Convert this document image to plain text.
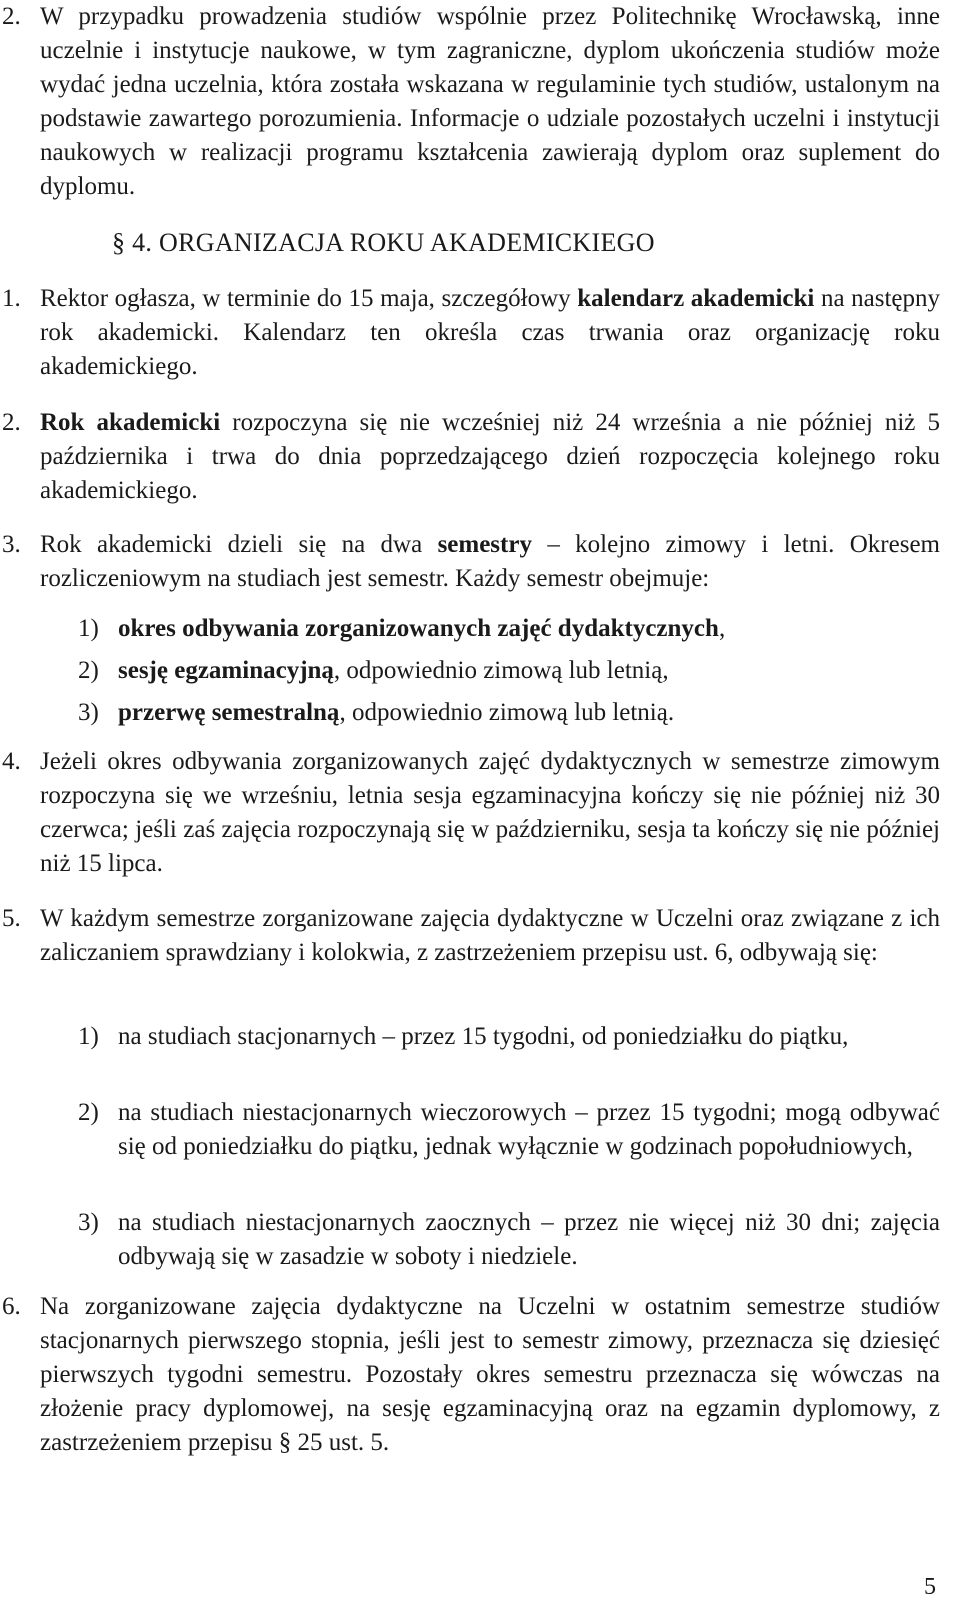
2. W przypadku prowadzenia studiów wspólnie przez Politechnikę Wrocławską, inne uczelnie i instytucje naukowe, w tym zagraniczne, dyplom ukończenia studiów może wydać jedna uczelnia, która została wskazana w regulaminie tych studiów, ustalonym na podstawie zawartego porozumienia. Informacje o udziale pozostałych uczelni i instytucji naukowych w realizacji programu kształcenia zawierają dyplom oraz suplement do dyplomu.
§ 4. ORGANIZACJA ROKU AKADEMICKIEGO
1. Rektor ogłasza, w terminie do 15 maja, szczegółowy kalendarz akademicki na następny rok akademicki. Kalendarz ten określa czas trwania oraz organizację roku akademickiego.
2. Rok akademicki rozpoczyna się nie wcześniej niż 24 września a nie później niż 5 października i trwa do dnia poprzedzającego dzień rozpoczęcia kolejnego roku akademickiego.
3. Rok akademicki dzieli się na dwa semestry – kolejno zimowy i letni. Okresem rozliczeniowym na studiach jest semestr. Każdy semestr obejmuje:
1) okres odbywania zorganizowanych zajęć dydaktycznych,
2) sesję egzaminacyjną, odpowiednio zimową lub letnią,
3) przerwę semestralną, odpowiednio zimową lub letnią.
4. Jeżeli okres odbywania zorganizowanych zajęć dydaktycznych w semestrze zimowym rozpoczyna się we wrześniu, letnia sesja egzaminacyjna kończy się nie później niż 30 czerwca; jeśli zaś zajęcia rozpoczynają się w październiku, sesja ta kończy się nie później niż 15 lipca.
5. W każdym semestrze zorganizowane zajęcia dydaktyczne w Uczelni oraz związane z ich zaliczaniem sprawdziany i kolokwia, z zastrzeżeniem przepisu ust. 6, odbywają się:
1) na studiach stacjonarnych – przez 15 tygodni, od poniedziałku do piątku,
2) na studiach niestacjonarnych wieczorowych – przez 15 tygodni; mogą odbywać się od poniedziałku do piątku, jednak wyłącznie w godzinach popołudniowych,
3) na studiach niestacjonarnych zaocznych – przez nie więcej niż 30 dni; zajęcia odbywają się w zasadzie w soboty i niedziele.
6. Na zorganizowane zajęcia dydaktyczne na Uczelni w ostatnim semestrze studiów stacjonarnych pierwszego stopnia, jeśli jest to semestr zimowy, przeznacza się dziesięć pierwszych tygodni semestru. Pozostały okres semestru przeznacza się wówczas na złożenie pracy dyplomowej, na sesję egzaminacyjną oraz na egzamin dyplomowy, z zastrzeżeniem przepisu § 25 ust. 5.
5
